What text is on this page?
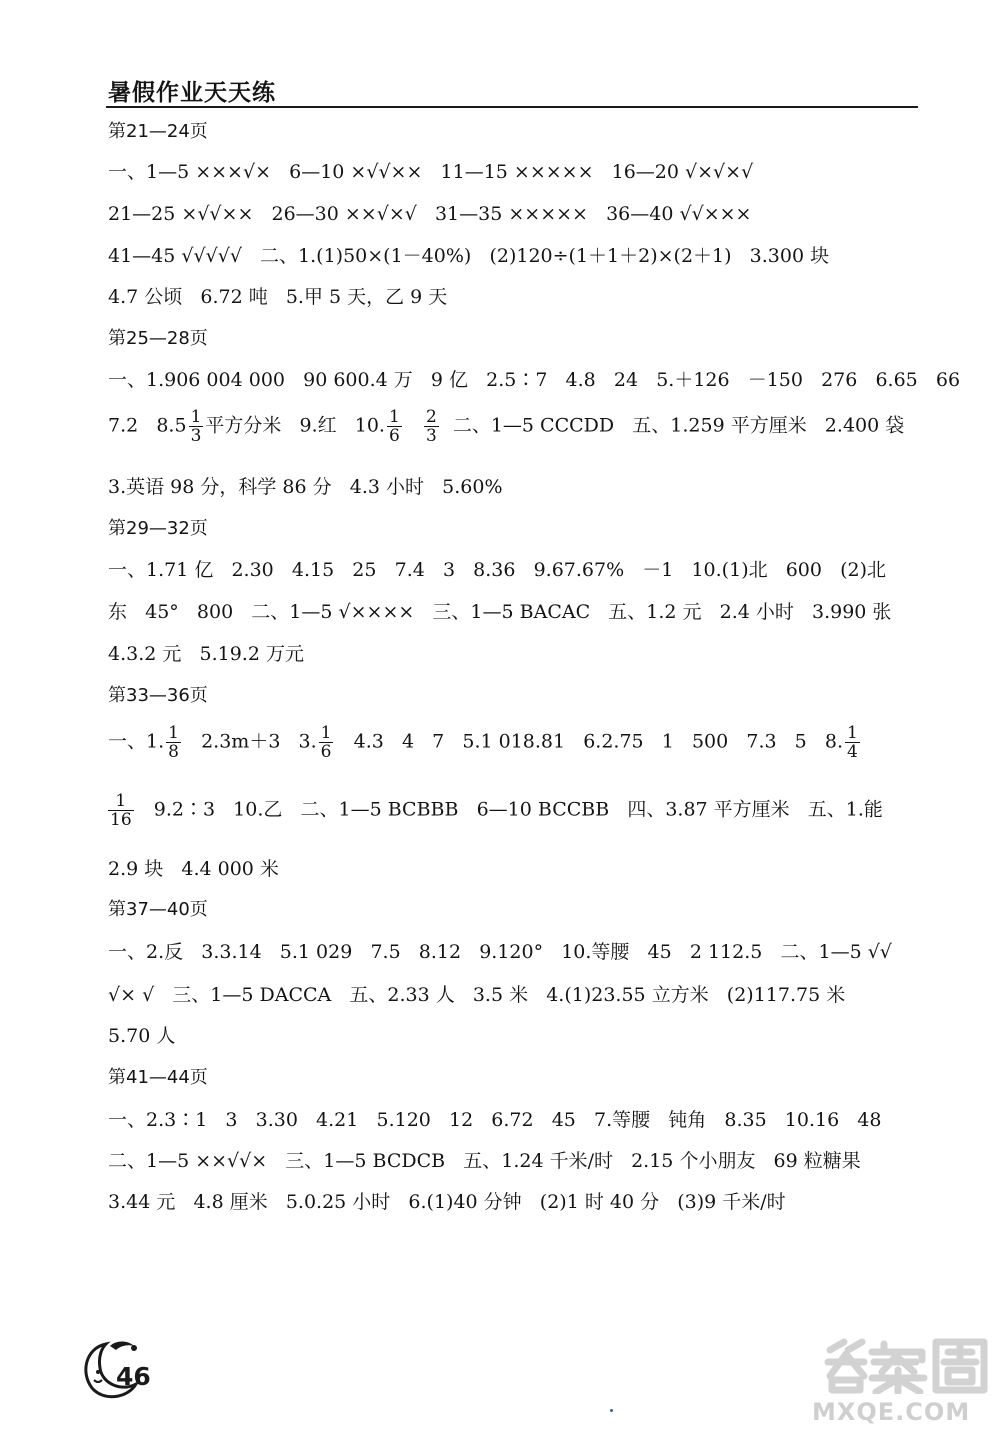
暑假作业天天练
第21—24页
一、1—5 ×××√×   6—10 ×√√××   11—15 ×××××   16—20 √×√×√
21—25 ×√√××   26—30 ××√×√   31—35 ×××××   36—40 √√×××
41—45 √√√√√   二、1.(1)50×(1－40%)   (2)120÷(1＋1＋2)×(2＋1)   3.300 块
4.7 公顷   6.72 吨   5.甲 5 天，乙 9 天
第25—28页
一、1.906 004 000   90 600.4 万   9 亿   2.5∶7   4.8   24   5.＋126   －150   276   6.65   66
7.2   $8.5 \frac{1}{3}$ 平方分米   9.红   10. $\frac{1}{6}$
$\frac{2}{3}$ 二、1—5 CCCDD   五、1.259 平方厘米   2.400 袋
3.英语 98 分，科学 86 分   4.3 小时   5.60%
第29—32页
一、1.71 亿   2.30   4.15   25   7.4   3   8.36   9.67.67%   －1   10.(1)北   600   (2)北
东   45°   800   二、1—5 √××××   三、1—5 BACAC   五、1.2 元   2.4 小时   3.990 张
4.3.2 元   5.19.2 万元
第33—36页
一、1. $\frac{1}{8} 2.3m+3$   3. $\frac{1}{6} 4.3$   4   7   5.1 018.81   6.2.75   1   500   7.3   5   8. $\frac{1}{4}$
$\frac{1}{16}$ 9.2∶3   10.乙   二、1—5 BCBBB   6—10 BCCBB   四、3.87 平方厘米   五、1.能
2.9 块   4.4 000 米
第37—40页
一、2.反   3.3.14   5.1 029   7.5   8.12   9.120°   10.等腰   45   2 112.5   二、1—5 √√
√× √   三、1—5 DACCA   五、2.33 人   3.5 米   4.(1)23.55 立方米   (2)117.75 米
5.70 人
第41—44页
一、2.3∶1   3   3.30   4.21   5.120   12   6.72   45   7.等腰   钝角   8.35   10.16   48
二、1—5 ××√√×   三、1—5 BCDCB   五、1.24 千米/时   2.15 个小朋友   69 粒糖果
3.44 元   4.8 厘米   5.0.25 小时   6.(1)40 分钟   (2)1 时 40 分   (3)9 千米/时
46
MXQE.COM
